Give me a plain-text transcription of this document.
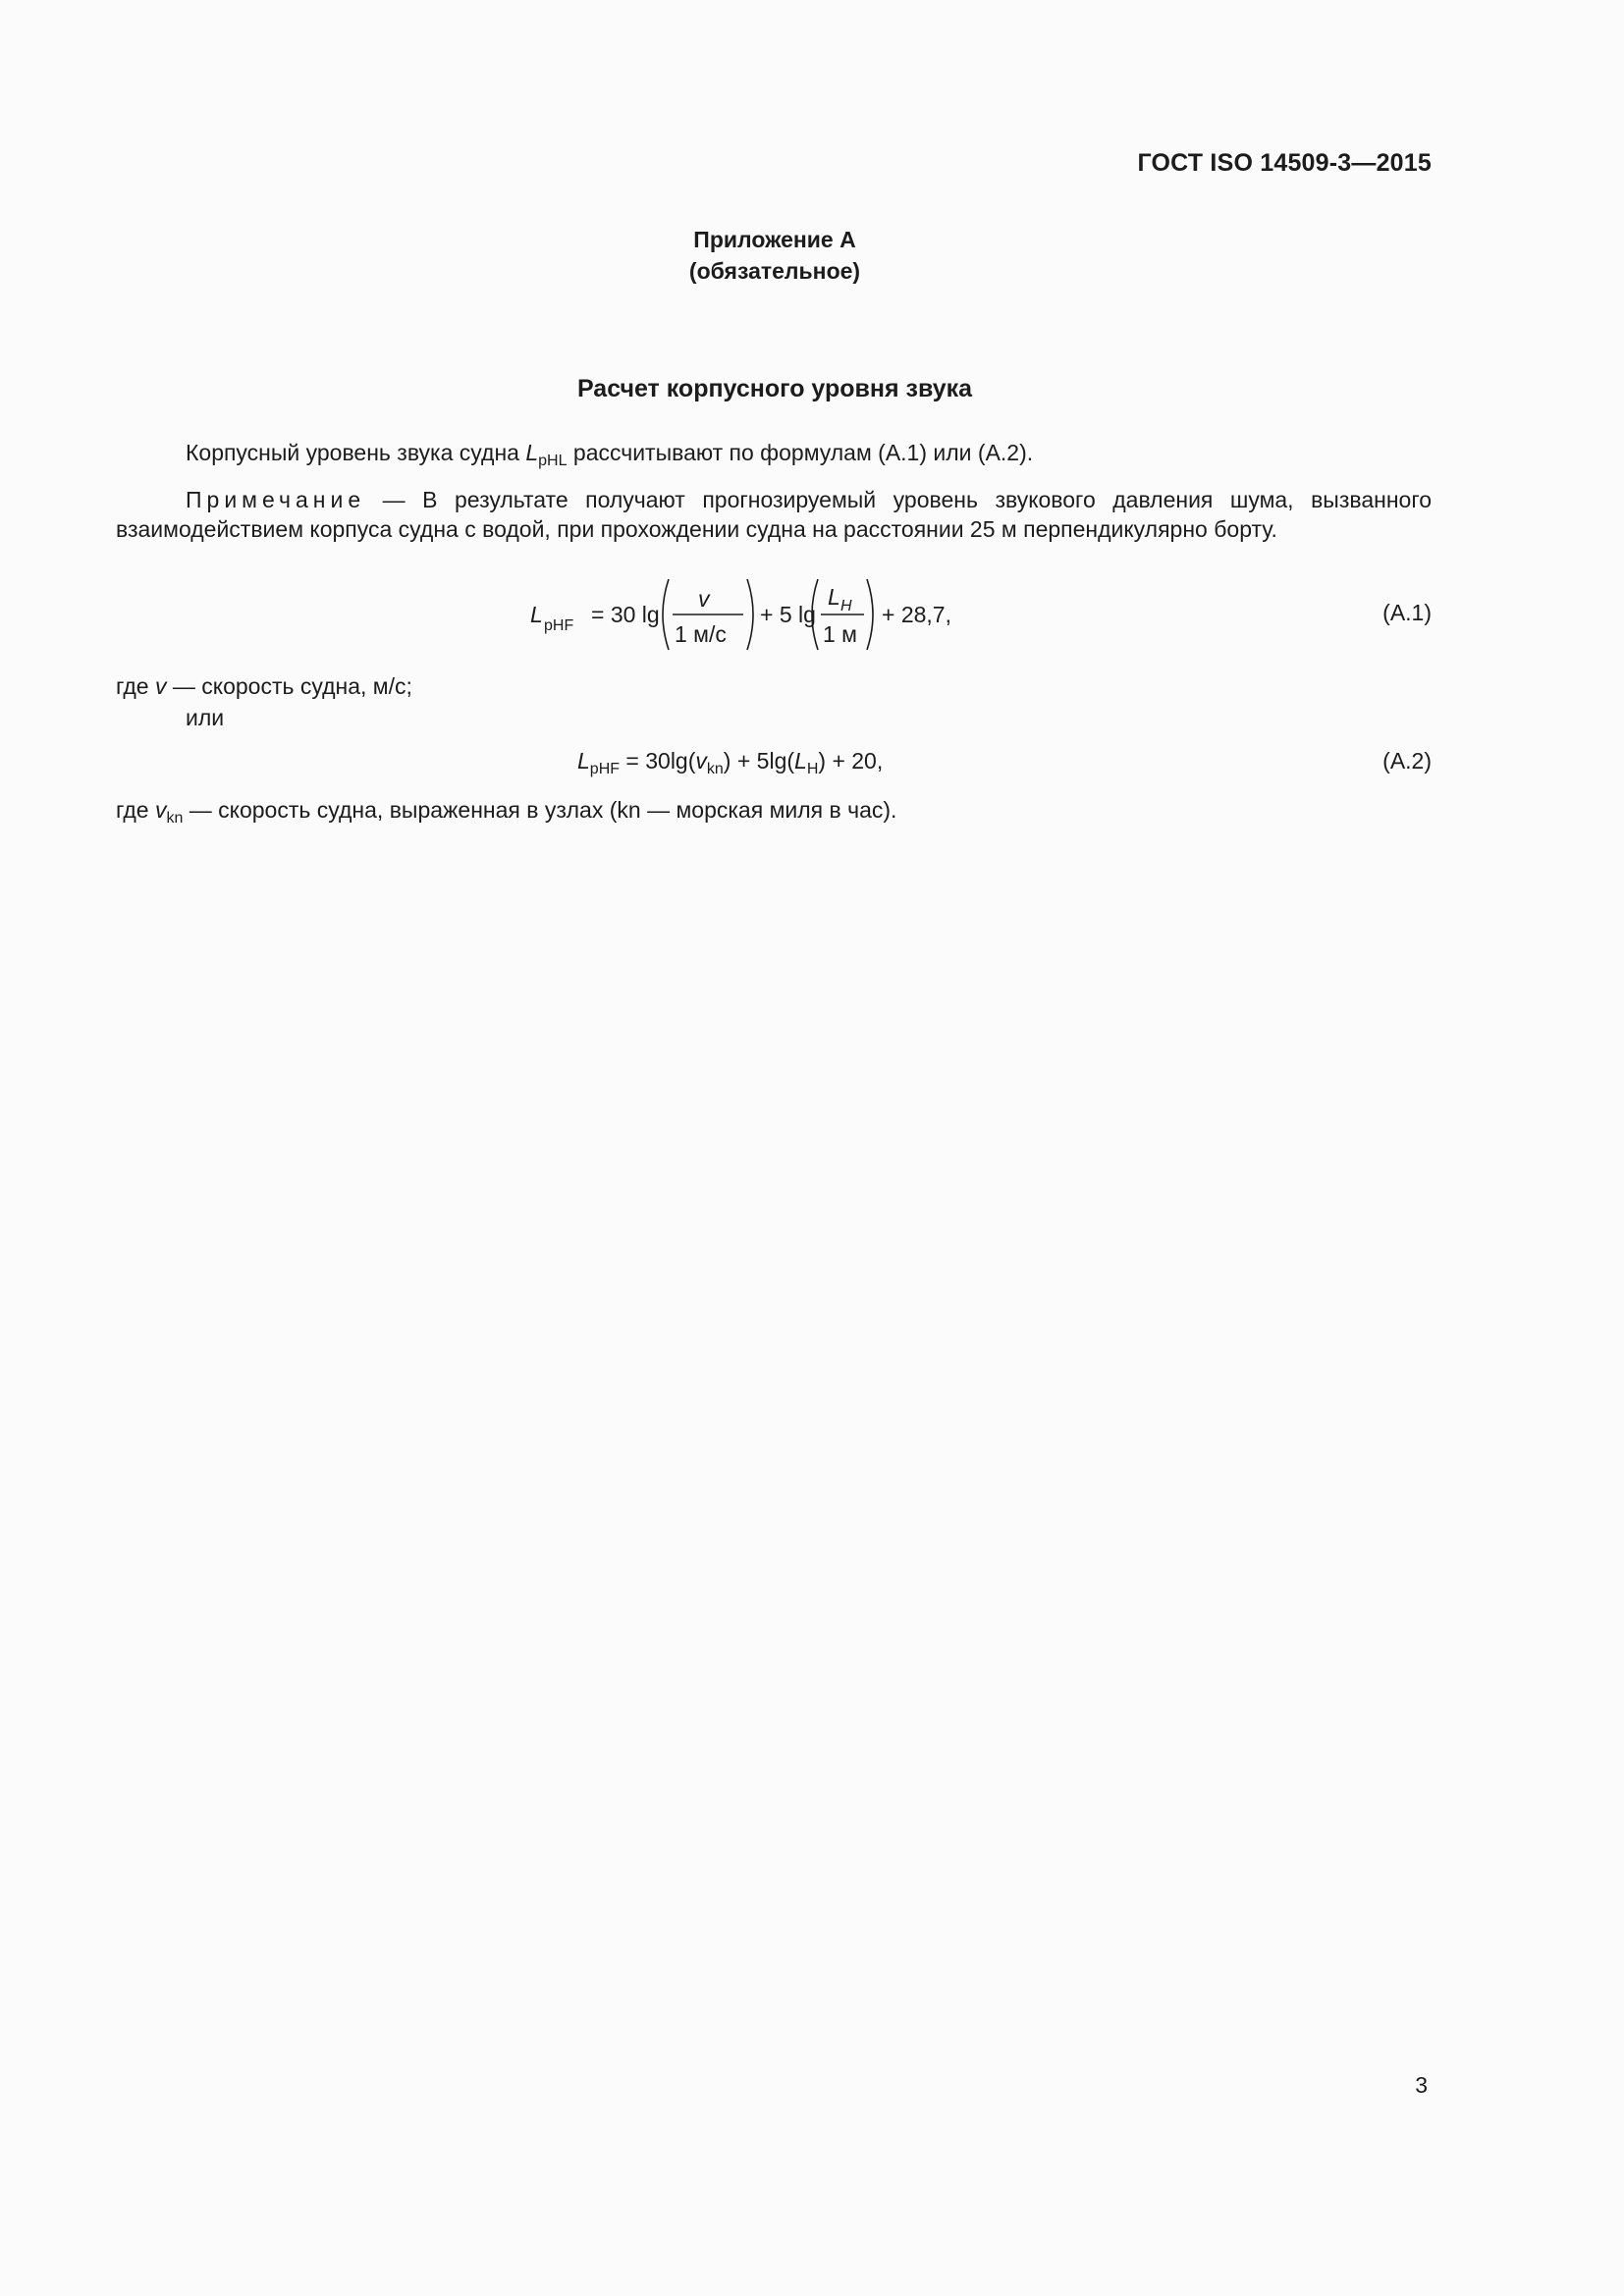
ГОСТ ISO 14509-3—2015
Приложение А
(обязательное)
Расчет корпусного уровня звука
Корпусный уровень звука судна $L_{pHL}$ рассчитывают по формулам (А.1) или (А.2).
Примечание — В результате получают прогнозируемый уровень звукового давления шума, вызванного взаимодействием корпуса судна с водой, при прохождении судна на расстоянии 25 м перпендикулярно борту.
L pHF = 30 lg
v
1 м/с
+ 5 lg
L H
1 м
+ 28,7,	(А.1)
где v — скорость судна, м/с;
или
$L_{pHF} = 30\lg(v_{kn}) + 5\lg(L_H) + 20$,	(А.2)
где $v_{kn}$ — скорость судна, выраженная в узлах (kn — морская миля в час).
3
